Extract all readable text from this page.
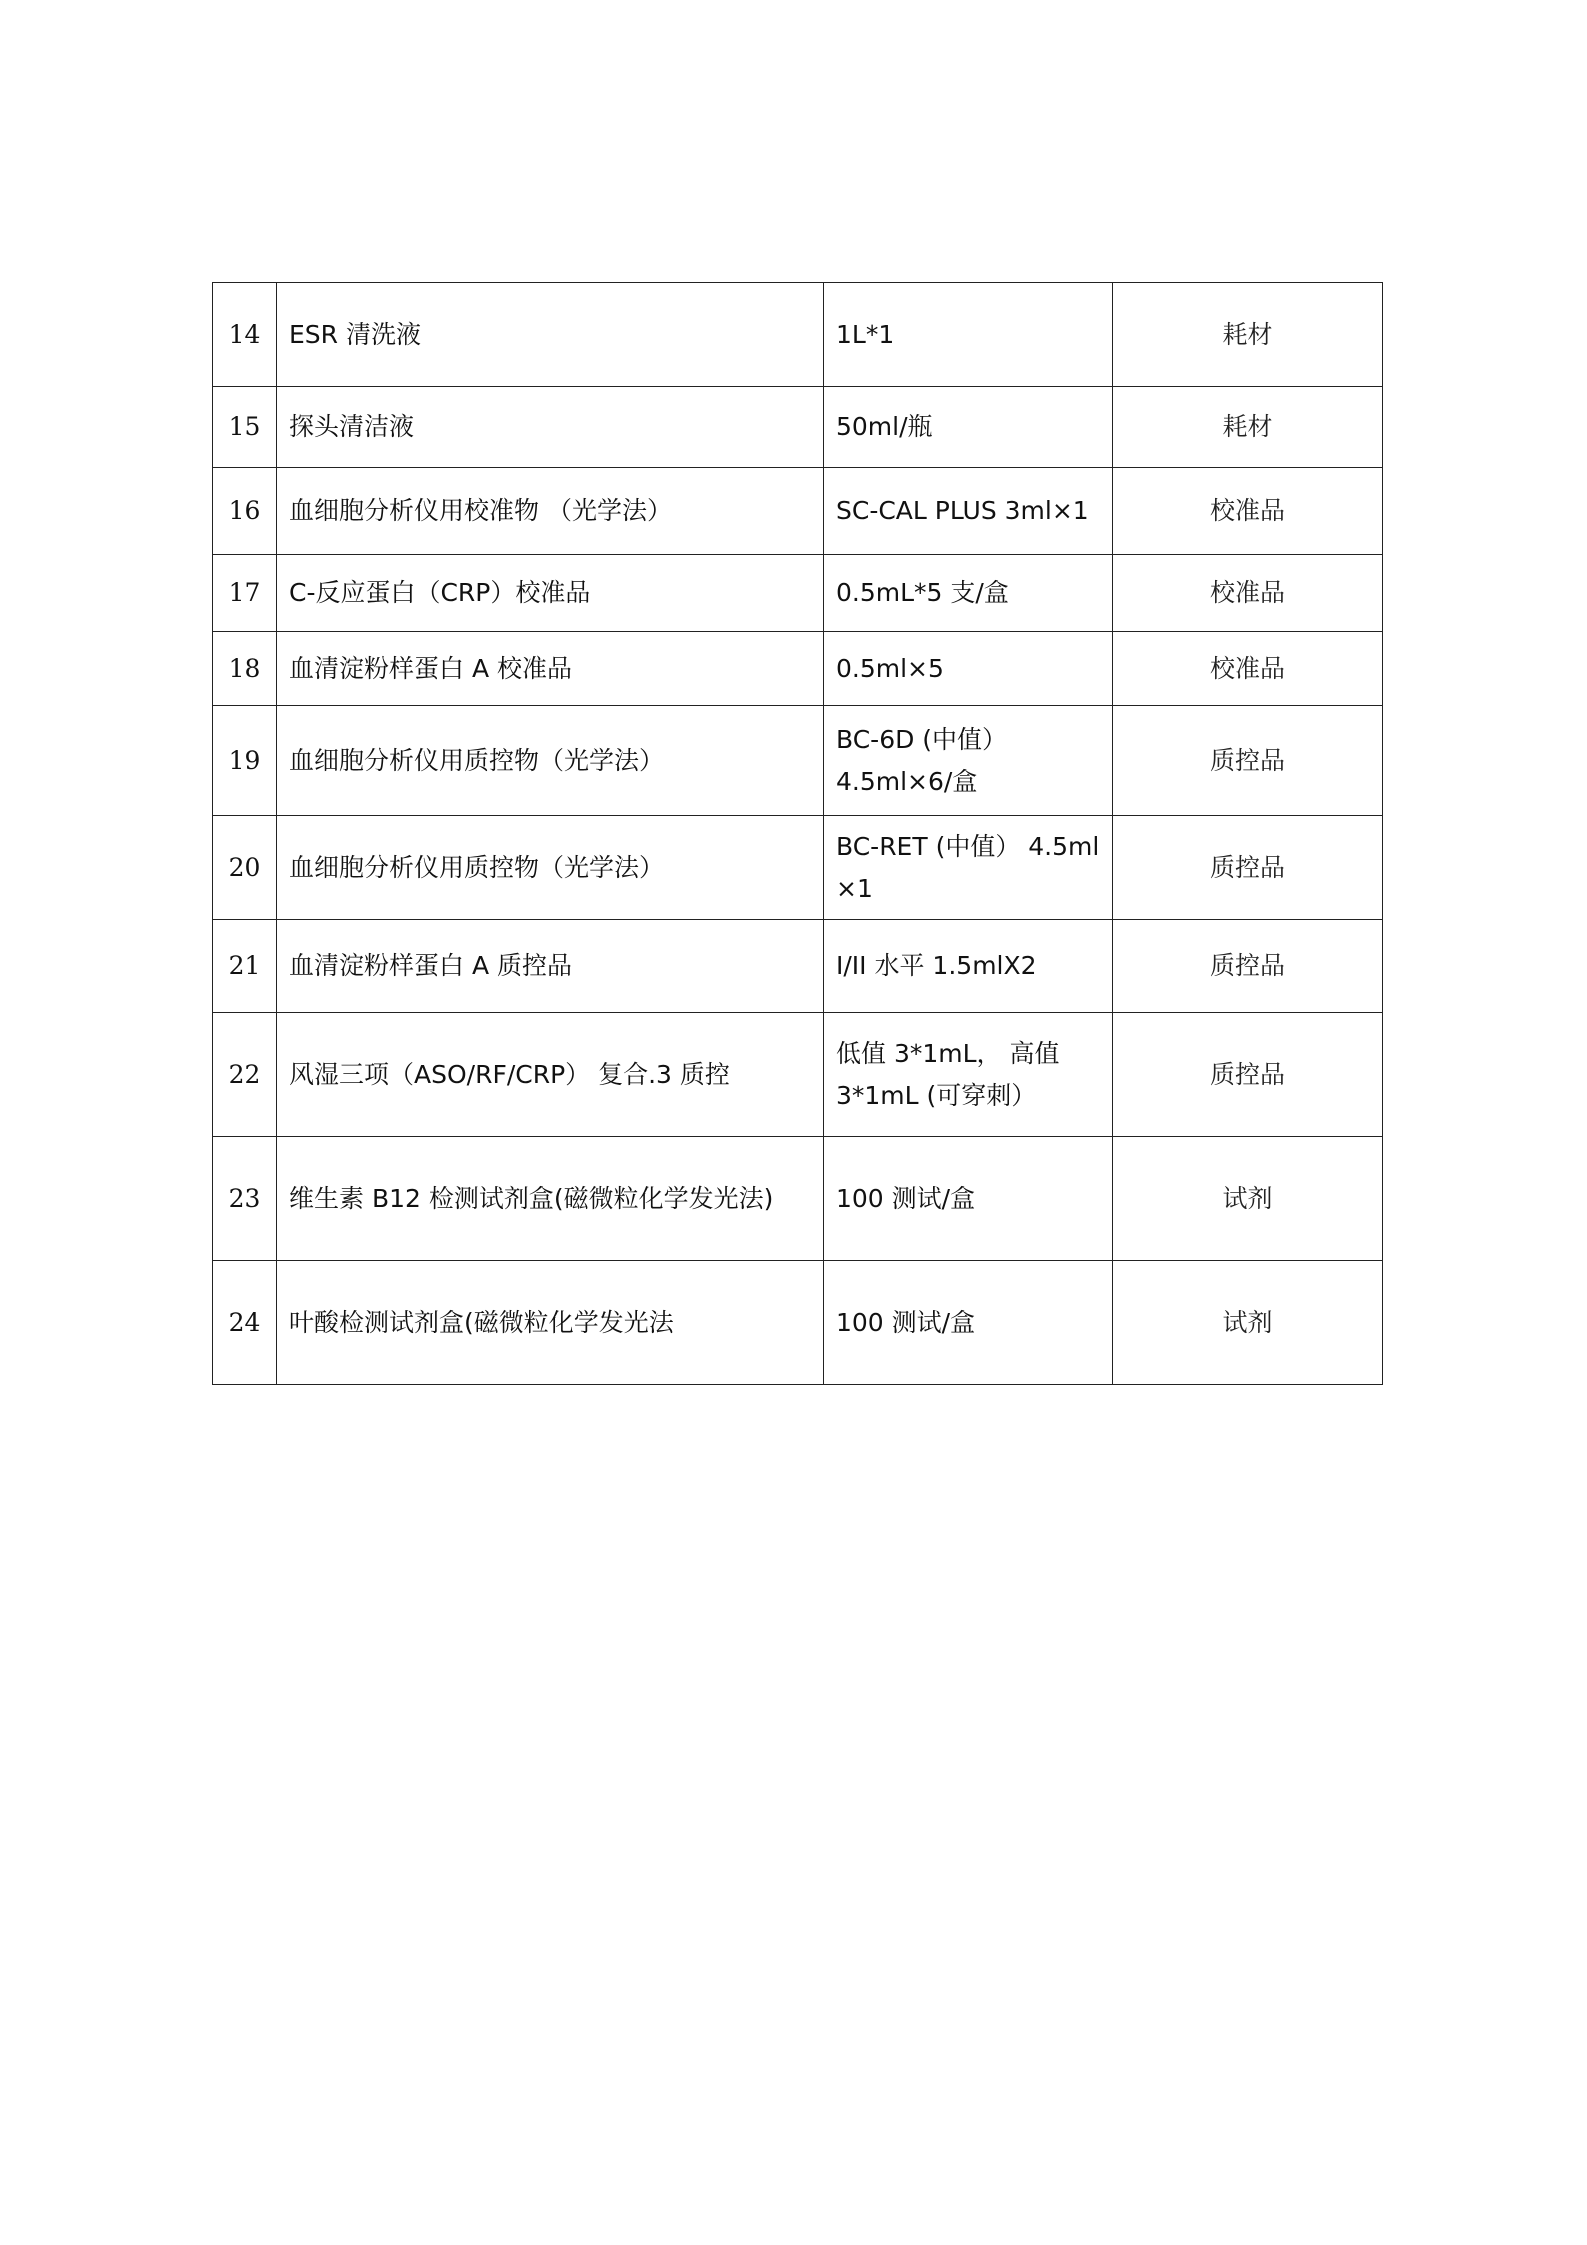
14	ESR 清洗液	1L*1	耗材
15	探头清洁液	50ml/瓶	耗材
16	血细胞分析仪用校准物 （光学法）	SC-CAL PLUS 3ml×1	校准品
17	C-反应蛋白（CRP）校准品	0.5mL*5 支/盒	校准品
18	血清淀粉样蛋白 A 校准品	0.5ml×5	校准品
19	血细胞分析仪用质控物（光学法）	BC-6D (中值） 4.5ml×6/盒	质控品
20	血细胞分析仪用质控物（光学法）	BC-RET (中值） 4.5ml ×1	质控品
21	血清淀粉样蛋白 A 质控品	I/II 水平 1.5mlX2	质控品
22	风湿三项（ASO/RF/CRP） 复合.3 质控	低值 3*1mL， 高值 3*1mL (可穿刺）	质控品
23	维生素 B12 检测试剂盒(磁微粒化学发光法)	100 测试/盒	试剂
24	叶酸检测试剂盒(磁微粒化学发光法	100 测试/盒	试剂
